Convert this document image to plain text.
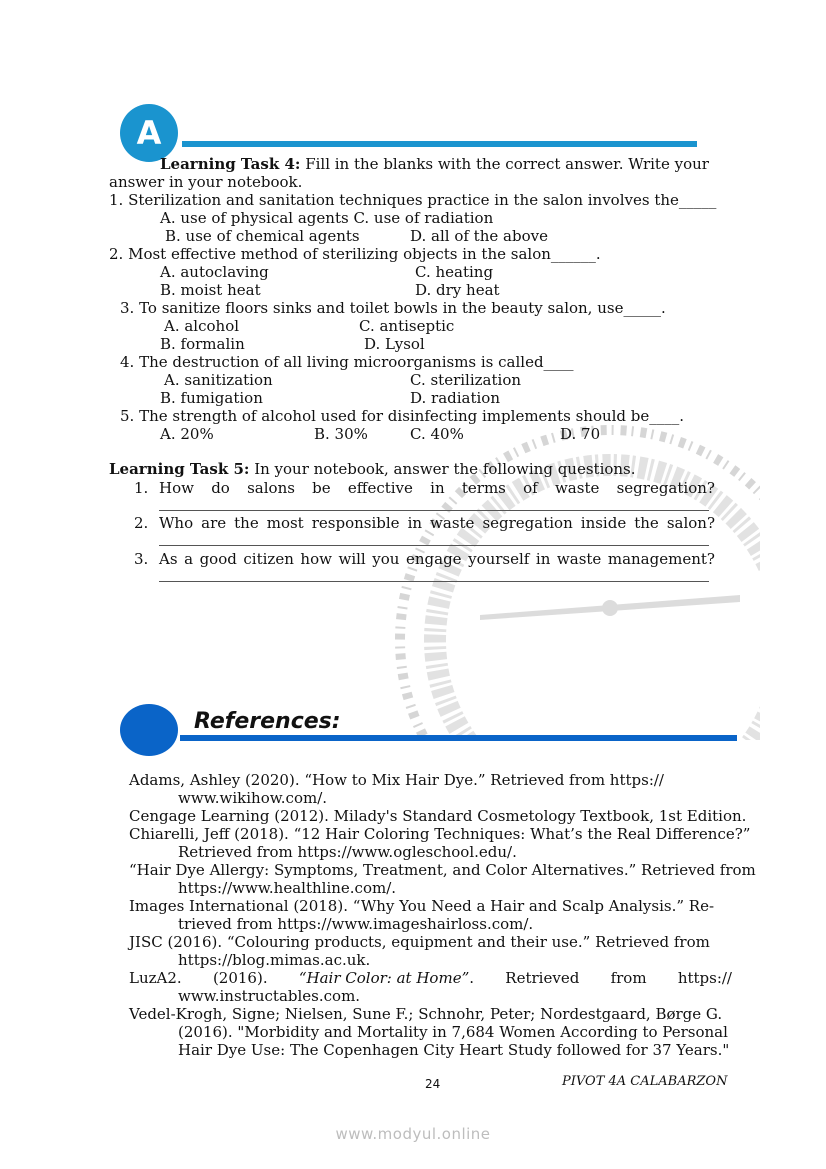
A
Learning Task 4: Fill in the blanks with the correct answer. Write your
answer in your notebook.
1. Sterilization and sanitation techniques practice in the salon involves the_____
A. use of physical agents C. use of radiation
B. use of chemical agents	D. all of the above
2. Most effective method of sterilizing objects in the salon______.
A. autoclaving	C. heating
B. moist heat	D. dry heat
3. To sanitize floors sinks and toilet bowls in the beauty salon, use_____.
A. alcohol	C. antiseptic
B. formalin	D. Lysol
4. The destruction of all living microorganisms is called____
A. sanitization	C. sterilization
B. fumigation	D. radiation
5. The strength of alcohol used for disinfecting implements should be____.
A. 20%	B. 30%	C. 40%	D. 70
Learning Task 5: In your notebook, answer the following questions.
1. How do salons be effective in terms of waste segregation?
2. Who are the most responsible in waste segregation inside the salon?
3. As a good citizen how will you engage yourself in waste management?
References:
Adams, Ashley (2020). “How to Mix Hair Dye.” Retrieved from https://
www.wikihow.com/.
Cengage Learning (2012). Milady's Standard Cosmetology Textbook, 1st Edition.
Chiarelli, Jeff (2018). “12 Hair Coloring Techniques: What’s the Real Difference?”
Retrieved from https://www.ogleschool.edu/.
“Hair Dye Allergy: Symptoms, Treatment, and Color Alternatives.” Retrieved from
https://www.healthline.com/.
Images International (2018). “Why You Need a Hair and Scalp Analysis.” Re-
trieved from https://www.imageshairloss.com/.
JISC (2016). “Colouring products, equipment and their use.” Retrieved from
https://blog.mimas.ac.uk.
LuzA2. (2016). “Hair Color: at Home”. Retrieved from https://
www.instructables.com.
Vedel-Krogh, Signe; Nielsen, Sune F.; Schnohr, Peter; Nordestgaard, Børge G.
(2016). "Morbidity and Mortality in 7,684 Women According to Personal
Hair Dye Use: The Copenhagen City Heart Study followed for 37 Years."
24	PIVOT 4A CALABARZON
www.modyul.online
